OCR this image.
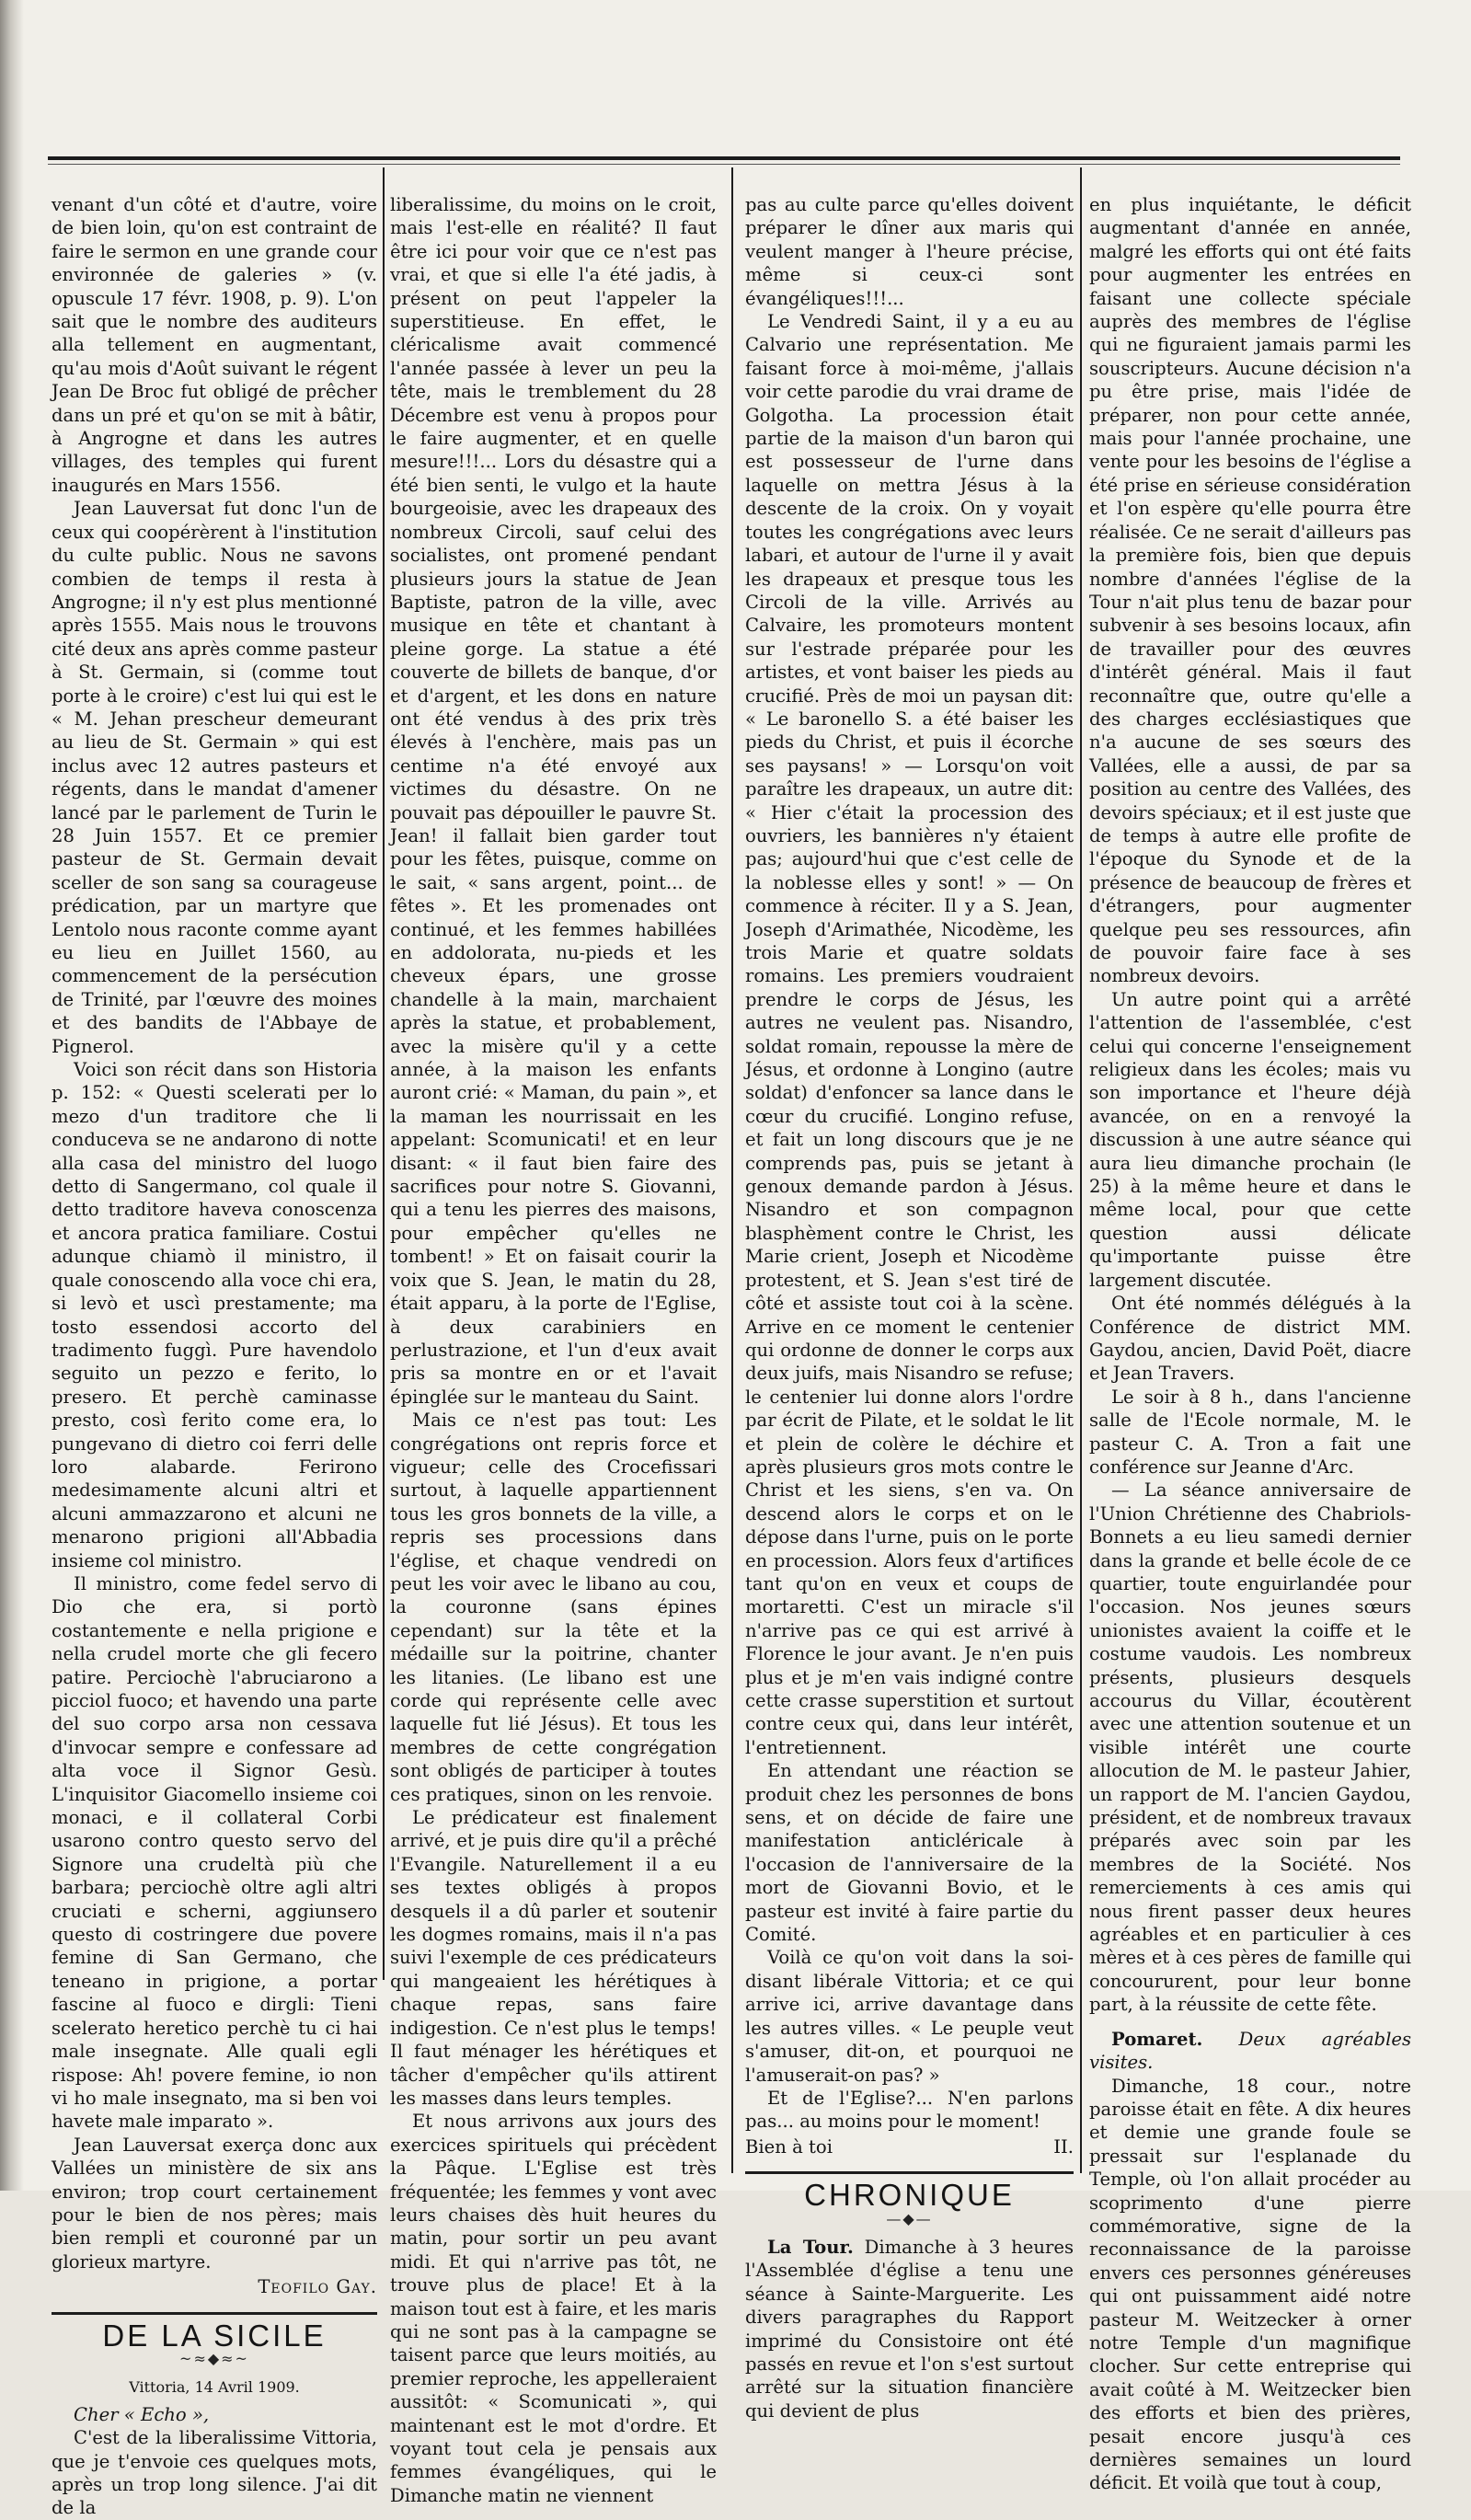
venant d'un côté et d'autre, voire de bien loin, qu'on est contraint de faire le sermon en une grande cour environnée de galeries » (v. opuscule 17 févr. 1908, p. 9). L'on sait que le nombre des auditeurs alla tellement en augmentant, qu'au mois d'Août suivant le régent Jean De Broc fut obligé de prêcher dans un pré et qu'on se mit à bâtir, à Angrogne et dans les autres villages, des temples qui furent inaugurés en Mars 1556.

Jean Lauversat fut donc l'un de ceux qui coopérèrent à l'institution du culte public. Nous ne savons combien de temps il resta à Angrogne; il n'y est plus mentionné après 1555. Mais nous le trouvons cité deux ans après comme pasteur à St. Germain, si (comme tout porte à le croire) c'est lui qui est le « M. Jehan prescheur demeurant au lieu de St. Germain » qui est inclus avec 12 autres pasteurs et régents, dans le mandat d'amener lancé par le parlement de Turin le 28 Juin 1557. Et ce premier pasteur de St. Germain devait sceller de son sang sa courageuse prédication, par un martyre que Lentolo nous raconte comme ayant eu lieu en Juillet 1560, au commencement de la persécution de Trinité, par l'œuvre des moines et des bandits de l'Abbaye de Pignerol.

Voici son récit dans son Historia p. 152: « Questi scelerati per lo mezo d'un traditore che li conduceva se ne andarono di notte alla casa del ministro del luogo detto di Sangermano, col quale il detto traditore haveva conoscenza et ancora pratica familiare. Costui adunque chiamò il ministro, il quale conoscendo alla voce chi era, si levò et uscì prestamente; ma tosto essendosi accorto del tradimento fuggì. Pure havendolo seguito un pezzo e ferito, lo presero. Et perchè caminasse presto, così ferito come era, lo pungevano di dietro coi ferri delle loro alabarde. Ferirono medesimamente alcuni altri et alcuni ammazzarono et alcuni ne menarono prigioni all'Abbadia insieme col ministro.

Il ministro, come fedel servo di Dio che era, si portò costantemente e nella prigione e nella crudel morte che gli fecero patire. Perciochè l'abruciarono a picciol fuoco; et havendo una parte del suo corpo arsa non cessava d'invocar sempre e confessare ad alta voce il Signor Gesù. L'inquisitor Giacomello insieme coi monaci, e il collateral Corbi usarono contro questo servo del Signore una crudeltà più che barbara; perciochè oltre agli altri cruciati e scherni, aggiunsero questo di costringere due povere femine di San Germano, che teneano in prigione, a portar fascine al fuoco e dirgli: Tieni scelerato heretico perchè tu ci hai male insegnate. Alle quali egli rispose: Ah! povere femine, io non vi ho male insegnato, ma si ben voi havete male imparato ».

Jean Lauversat exerça donc aux Vallées un ministère de six ans environ; trop court certainement pour le bien de nos pères; mais bien rempli et couronné par un glorieux martyre.

Teofilo Gay.
DE LA SICILE
~≈◆≈~
Vittoria, 14 Avril 1909.

Cher « Echo »,

C'est de la liberalissime Vittoria, que je t'envoie ces quelques mots, après un trop long silence. J'ai dit de la

liberalissime, du moins on le croit, mais l'est-elle en réalité? Il faut être ici pour voir que ce n'est pas vrai, et que si elle l'a été jadis, à présent on peut l'appeler la superstitieuse. En effet, le cléricalisme avait commencé l'année passée à lever un peu la tête, mais le tremblement du 28 Décembre est venu à propos pour le faire augmenter, et en quelle mesure!!!... Lors du désastre qui a été bien senti, le vulgo et la haute bourgeoisie, avec les drapeaux des nombreux Circoli, sauf celui des socialistes, ont promené pendant plusieurs jours la statue de Jean Baptiste, patron de la ville, avec musique en tête et chantant à pleine gorge. La statue a été couverte de billets de banque, d'or et d'argent, et les dons en nature ont été vendus à des prix très élevés à l'enchère, mais pas un centime n'a été envoyé aux victimes du désastre. On ne pouvait pas dépouiller le pauvre St. Jean! il fallait bien garder tout pour les fêtes, puisque, comme on le sait, « sans argent, point... de fêtes ». Et les promenades ont continué, et les femmes habillées en addolorata, nu-pieds et les cheveux épars, une grosse chandelle à la main, marchaient après la statue, et probablement, avec la misère qu'il y a cette année, à la maison les enfants auront crié: « Maman, du pain », et la maman les nourrissait en les appelant: Scomunicati! et en leur disant: « il faut bien faire des sacrifices pour notre S. Giovanni, qui a tenu les pierres des maisons, pour empêcher qu'elles ne tombent! » Et on faisait courir la voix que S. Jean, le matin du 28, était apparu, à la porte de l'Eglise, à deux carabiniers en perlustrazione, et l'un d'eux avait pris sa montre en or et l'avait épinglée sur le manteau du Saint.

Mais ce n'est pas tout: Les congrégations ont repris force et vigueur; celle des Crocefissari surtout, à laquelle appartiennent tous les gros bonnets de la ville, a repris ses processions dans l'église, et chaque vendredi on peut les voir avec le libano au cou, la couronne (sans épines cependant) sur la tête et la médaille sur la poitrine, chanter les litanies. (Le libano est une corde qui représente celle avec laquelle fut lié Jésus). Et tous les membres de cette congrégation sont obligés de participer à toutes ces pratiques, sinon on les renvoie.

Le prédicateur est finalement arrivé, et je puis dire qu'il a prêché l'Evangile. Naturellement il a eu ses textes obligés à propos desquels il a dû parler et soutenir les dogmes romains, mais il n'a pas suivi l'exemple de ces prédicateurs qui mangeaient les hérétiques à chaque repas, sans faire indigestion. Ce n'est plus le temps! Il faut ménager les hérétiques et tâcher d'empêcher qu'ils attirent les masses dans leurs temples.

Et nous arrivons aux jours des exercices spirituels qui précèdent la Pâque. L'Eglise est très fréquentée; les femmes y vont avec leurs chaises dès huit heures du matin, pour sortir un peu avant midi. Et qui n'arrive pas tôt, ne trouve plus de place! Et à la maison tout est à faire, et les maris qui ne sont pas à la campagne se taisent parce que leurs moitiés, au premier reproche, les appelleraient aussitôt: « Scomunicati », qui maintenant est le mot d'ordre. Et voyant tout cela je pensais aux femmes évangéliques, qui le Dimanche matin ne viennent

pas au culte parce qu'elles doivent préparer le dîner aux maris qui veulent manger à l'heure précise, même si ceux-ci sont évangéliques!!!...

Le Vendredi Saint, il y a eu au Calvario une représentation. Me faisant force à moi-même, j'allais voir cette parodie du vrai drame de Golgotha. La procession était partie de la maison d'un baron qui est possesseur de l'urne dans laquelle on mettra Jésus à la descente de la croix. On y voyait toutes les congrégations avec leurs labari, et autour de l'urne il y avait les drapeaux et presque tous les Circoli de la ville. Arrivés au Calvaire, les promoteurs montent sur l'estrade préparée pour les artistes, et vont baiser les pieds au crucifié. Près de moi un paysan dit: « Le baronello S. a été baiser les pieds du Christ, et puis il écorche ses paysans! » — Lorsqu'on voit paraître les drapeaux, un autre dit: « Hier c'était la procession des ouvriers, les bannières n'y étaient pas; aujourd'hui que c'est celle de la noblesse elles y sont! » — On commence à réciter. Il y a S. Jean, Joseph d'Arimathée, Nicodème, les trois Marie et quatre soldats romains. Les premiers voudraient prendre le corps de Jésus, les autres ne veulent pas. Nisandro, soldat romain, repousse la mère de Jésus, et ordonne à Longino (autre soldat) d'enfoncer sa lance dans le cœur du crucifié. Longino refuse, et fait un long discours que je ne comprends pas, puis se jetant à genoux demande pardon à Jésus. Nisandro et son compagnon blasphèment contre le Christ, les Marie crient, Joseph et Nicodème protestent, et S. Jean s'est tiré de côté et assiste tout coi à la scène. Arrive en ce moment le centenier qui ordonne de donner le corps aux deux juifs, mais Nisandro se refuse; le centenier lui donne alors l'ordre par écrit de Pilate, et le soldat le lit et plein de colère le déchire et après plusieurs gros mots contre le Christ et les siens, s'en va. On descend alors le corps et on le dépose dans l'urne, puis on le porte en procession. Alors feux d'artifices tant qu'on en veux et coups de mortaretti. C'est un miracle s'il n'arrive pas ce qui est arrivé à Florence le jour avant. Je n'en puis plus et je m'en vais indigné contre cette crasse superstition et surtout contre ceux qui, dans leur intérêt, l'entretiennent.

En attendant une réaction se produit chez les personnes de bons sens, et on décide de faire une manifestation anticléricale à l'occasion de l'anniversaire de la mort de Giovanni Bovio, et le pasteur est invité à faire partie du Comité.

Voilà ce qu'on voit dans la soi-disant libérale Vittoria; et ce qui arrive ici, arrive davantage dans les autres villes. « Le peuple veut s'amuser, dit-on, et pourquoi ne l'amuserait-on pas? »

Et de l'Eglise?... N'en parlons pas... au moins pour le moment!

Bien à toi	II.
CHRONIQUE
—◆—

La Tour. Dimanche à 3 heures l'Assemblée d'église a tenu une séance à Sainte-Marguerite. Les divers paragraphes du Rapport imprimé du Consistoire ont été passés en revue et l'on s'est surtout arrêté sur la situation financière qui devient de plus

en plus inquiétante, le déficit augmentant d'année en année, malgré les efforts qui ont été faits pour augmenter les entrées en faisant une collecte spéciale auprès des membres de l'église qui ne figuraient jamais parmi les souscripteurs. Aucune décision n'a pu être prise, mais l'idée de préparer, non pour cette année, mais pour l'année prochaine, une vente pour les besoins de l'église a été prise en sérieuse considération et l'on espère qu'elle pourra être réalisée. Ce ne serait d'ailleurs pas la première fois, bien que depuis nombre d'années l'église de la Tour n'ait plus tenu de bazar pour subvenir à ses besoins locaux, afin de travailler pour des œuvres d'intérêt général. Mais il faut reconnaître que, outre qu'elle a des charges ecclésiastiques que n'a aucune de ses sœurs des Vallées, elle a aussi, de par sa position au centre des Vallées, des devoirs spéciaux; et il est juste que de temps à autre elle profite de l'époque du Synode et de la présence de beaucoup de frères et d'étrangers, pour augmenter quelque peu ses ressources, afin de pouvoir faire face à ses nombreux devoirs.

Un autre point qui a arrêté l'attention de l'assemblée, c'est celui qui concerne l'enseignement religieux dans les écoles; mais vu son importance et l'heure déjà avancée, on en a renvoyé la discussion à une autre séance qui aura lieu dimanche prochain (le 25) à la même heure et dans le même local, pour que cette question aussi délicate qu'importante puisse être largement discutée.

Ont été nommés délégués à la Conférence de district MM. Gaydou, ancien, David Poët, diacre et Jean Travers.

Le soir à 8 h., dans l'ancienne salle de l'Ecole normale, M. le pasteur C. A. Tron a fait une conférence sur Jeanne d'Arc.

— La séance anniversaire de l'Union Chrétienne des Chabriols-Bonnets a eu lieu samedi dernier dans la grande et belle école de ce quartier, toute enguirlandée pour l'occasion. Nos jeunes sœurs unionistes avaient la coiffe et le costume vaudois. Les nombreux présents, plusieurs desquels accourus du Villar, écoutèrent avec une attention soutenue et un visible intérêt une courte allocution de M. le pasteur Jahier, un rapport de M. l'ancien Gaydou, président, et de nombreux travaux préparés avec soin par les membres de la Société. Nos remerciements à ces amis qui nous firent passer deux heures agréables et en particulier à ces mères et à ces pères de famille qui concoururent, pour leur bonne part, à la réussite de cette fête.

Pomaret. Deux agréables visites.

Dimanche, 18 cour., notre paroisse était en fête. A dix heures et demie une grande foule se pressait sur l'esplanade du Temple, où l'on allait procéder au scoprimento d'une pierre commémorative, signe de la reconnaissance de la paroisse envers ces personnes généreuses qui ont puissamment aidé notre pasteur M. Weitzecker à orner notre Temple d'un magnifique clocher. Sur cette entreprise qui avait coûté à M. Weitzecker bien des efforts et bien des prières, pesait encore jusqu'à ces dernières semaines un lourd déficit. Et voilà que tout à coup,
